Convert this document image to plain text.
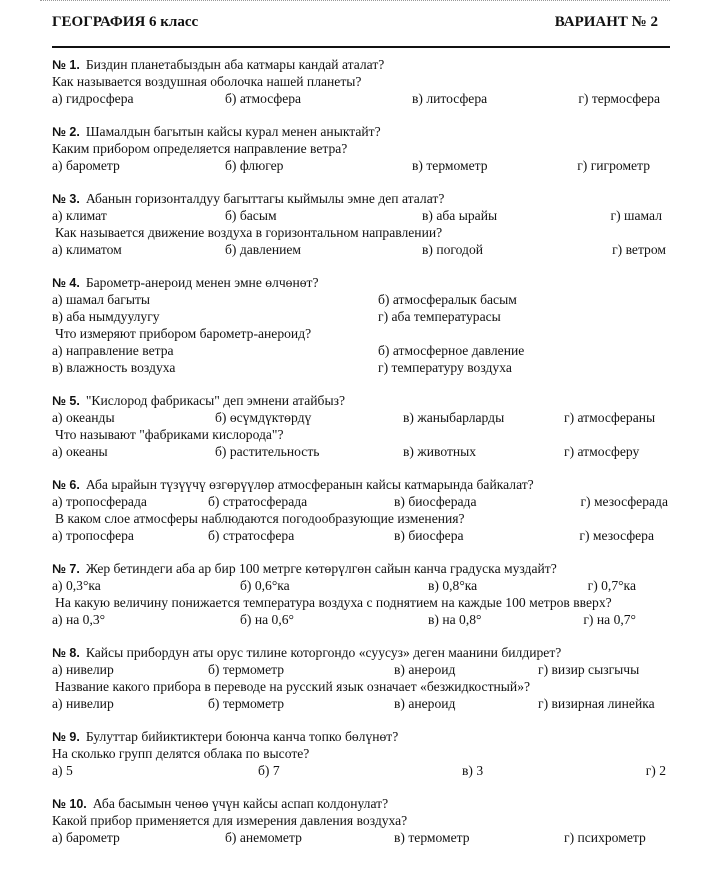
ГЕОГРАФИЯ 6 класс	ВАРИАНТ № 2
№ 1. Биздин планетабыздын аба катмары кандай аталат?
Как называется воздушная оболочка нашей планеты?
а) гидросфера	б) атмосфера	в) литосфера	г) термосфера
№ 2. Шамалдын багытын кайсы курал менен аныктайт?
Каким прибором определяется направление ветра?
а) барометр	б) флюгер	в) термометр	г) гигрометр
№ 3. Абанын горизонталдуу багыттагы кыймылы эмне деп аталат?
а) климат	б) басым	в) аба ырайы	г) шамал
Как называется движение воздуха в горизонтальном направлении?
а) климатом	б) давлением	в) погодой	г) ветром
№ 4. Барометр-анероид менен эмне өлчөнөт?
а) шамал багыты	б) атмосфералык басым
в) аба нымдуулугу	г) аба температурасы
Что измеряют прибором барометр-анероид?
а) направление ветра	б) атмосферное давление
в) влажность воздуха	г) температуру воздуха
№ 5. "Кислород фабрикасы" деп эмнени атайбыз?
а) океанды	б) өсүмдүктөрдү	в) жаныбарларды	г) атмосфераны
Что называют "фабриками кислорода"?
а) океаны	б) растительность	в) животных	г) атмосферу
№ 6. Аба ырайын түзүүчү өзгөрүүлөр атмосферанын кайсы катмарында байкалат?
а) тропосферада	б) стратосферада	в) биосферада	г) мезосферада
В каком слое атмосферы наблюдаются погодообразующие изменения?
а) тропосфера	б) стратосфера	в) биосфера	г) мезосфера
№ 7. Жер бетиндеги аба ар бир 100 метрге көтөрүлгөн сайын канча градуска муздайт?
а) 0,3°ка	б) 0,6°ка	в) 0,8°ка	г) 0,7°ка
На какую величину понижается температура воздуха с поднятием на каждые 100 метров вверх?
а) на 0,3°	б) на 0,6°	в) на 0,8°	г) на 0,7°
№ 8. Кайсы прибордун аты орус тилине которгондо «суусуз» деген маанини билдирет?
а) нивелир	б) термометр	в) анероид	г) визир сызгычы
Название какого прибора в переводе на русский язык означает «безжидкостный»?
а) нивелир	б) термометр	в) анероид	г) визирная линейка
№ 9. Булуттар бийиктиктери боюнча канча топко бөлүнөт?
На сколько групп делятся облака по высоте?
а) 5	б) 7	в) 3	г) 2
№ 10. Аба басымын ченөө үчүн кайсы аспап колдонулат?
Какой прибор применяется для измерения давления воздуха?
а) барометр	б) анемометр	в) термометр	г) психрометр
